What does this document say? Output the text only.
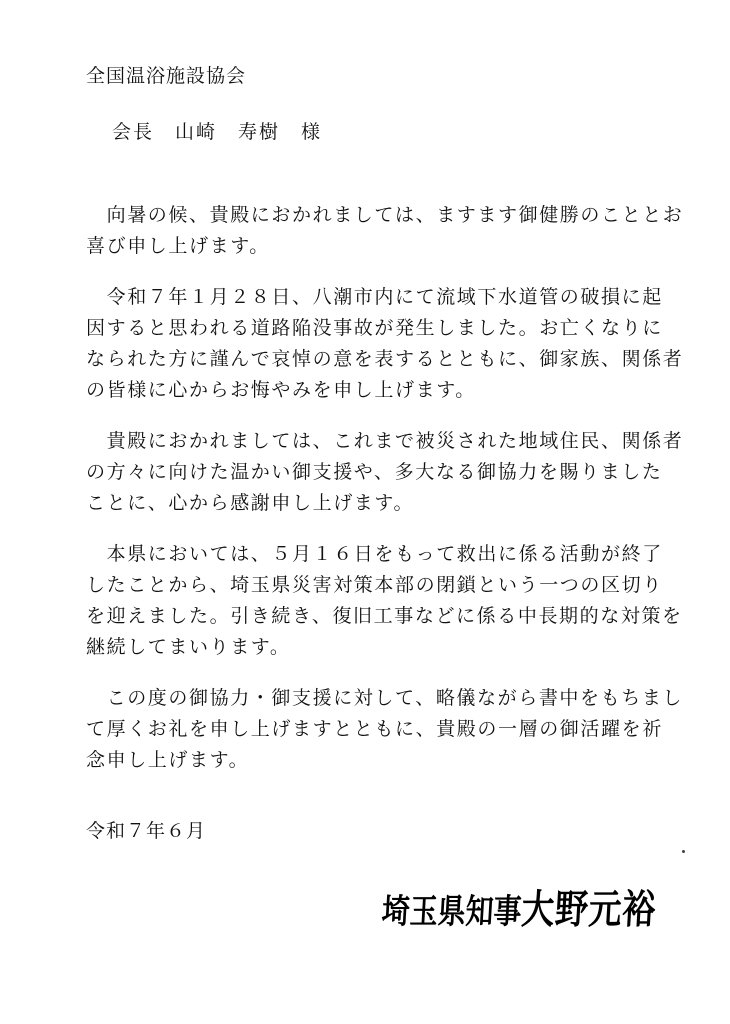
全国温浴施設協会
会長　山崎　寿樹　様
　向暑の候、貴殿におかれましては、ますます御健勝のこととお
喜び申し上げます。
　令和７年１月２８日、八潮市内にて流域下水道管の破損に起
因すると思われる道路陥没事故が発生しました。お亡くなりに
なられた方に謹んで哀悼の意を表するとともに、御家族、関係者
の皆様に心からお悔やみを申し上げます。
　貴殿におかれましては、これまで被災された地域住民、関係者
の方々に向けた温かい御支援や、多大なる御協力を賜りました
ことに、心から感謝申し上げます。
　本県においては、５月１６日をもって救出に係る活動が終了
したことから、埼玉県災害対策本部の閉鎖という一つの区切り
を迎えました。引き続き、復旧工事などに係る中長期的な対策を
継続してまいります。
　この度の御協力・御支援に対して、略儀ながら書中をもちまし
て厚くお礼を申し上げますとともに、貴殿の一層の御活躍を祈
念申し上げます。
令和７年６月
埼玉県知事大野元裕
